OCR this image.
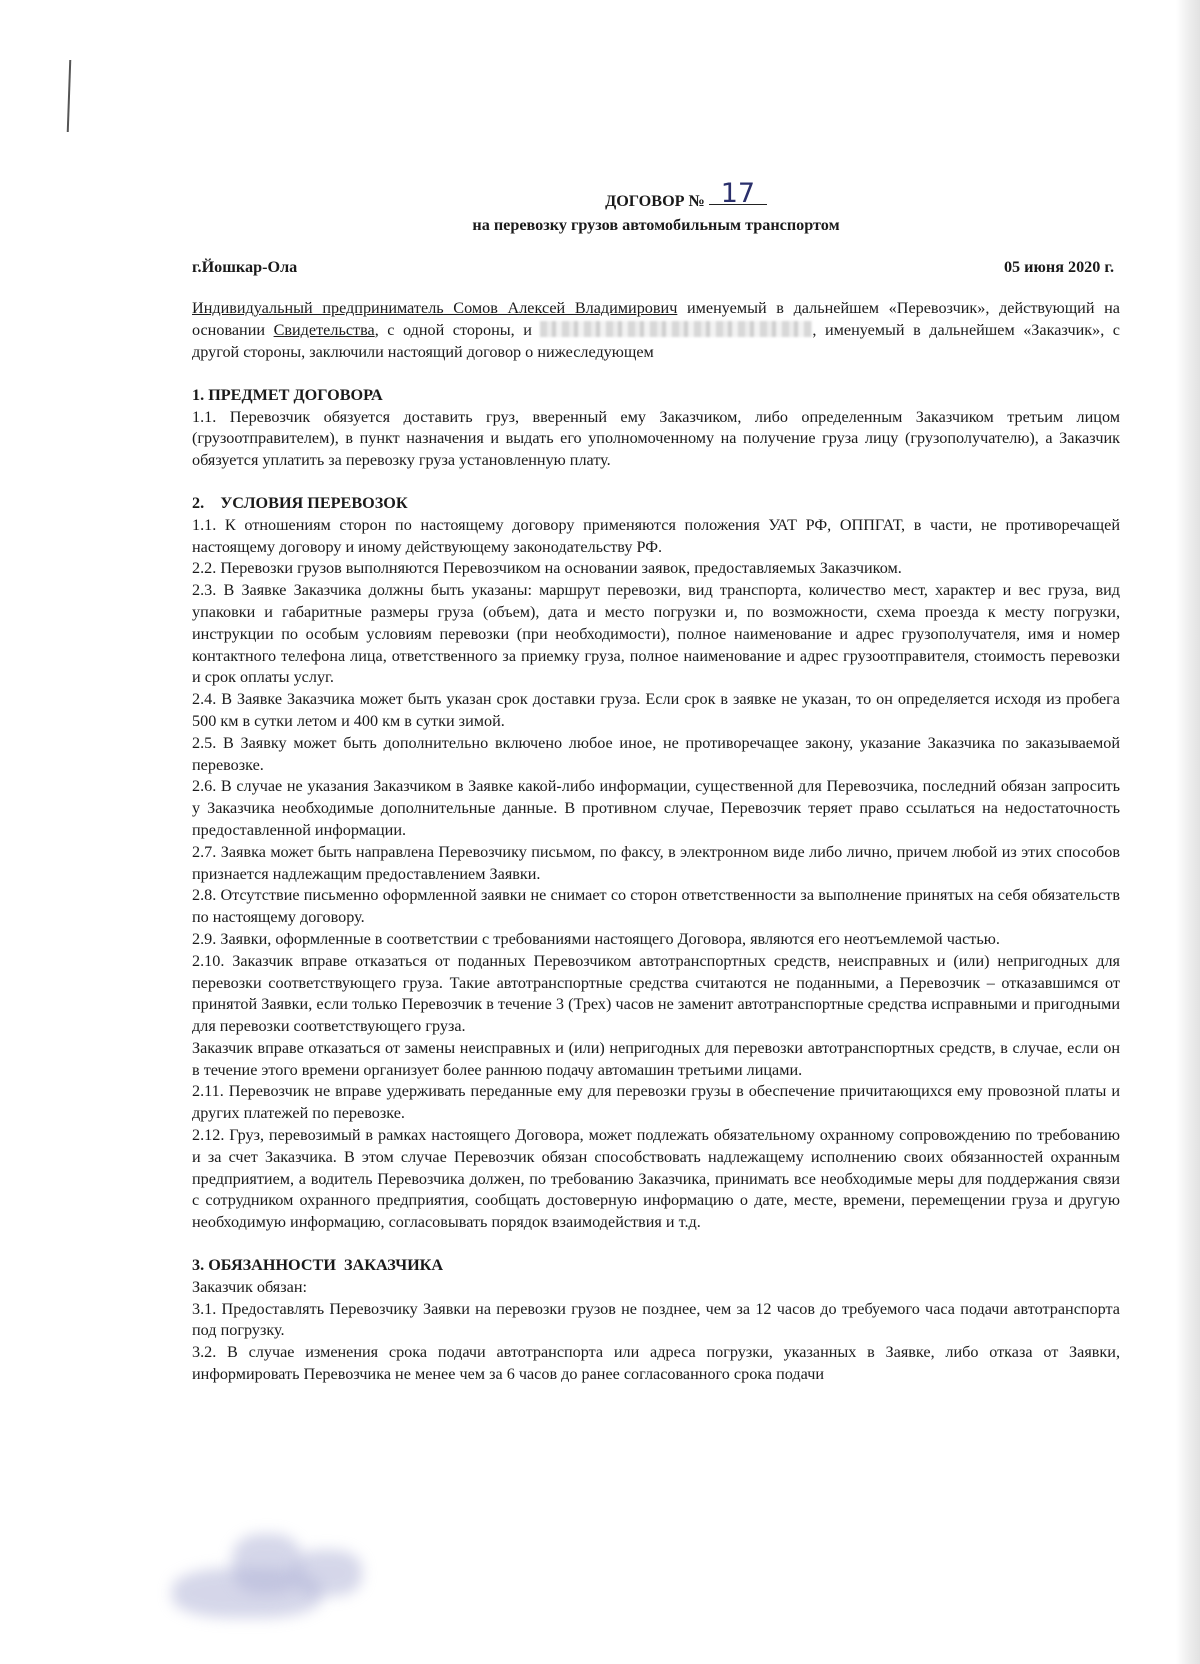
ДОГОВОР № 17
на перевозку грузов автомобильным транспортом
г.Йошкар-Ола	05 июня 2020 г.

Индивидуальный предприниматель Сомов Алексей Владимирович именуемый в дальнейшем «Перевозчик», действующий на основании Свидетельства, с одной стороны, и	, именуемый в дальнейшем «Заказчик», с другой стороны, заключили настоящий договор о нижеследующем

1. ПРЕДМЕТ ДОГОВОРА

1.1. Перевозчик обязуется доставить груз, вверенный ему Заказчиком, либо определенным Заказчиком третьим лицом (грузоотправителем), в пункт назначения и выдать его уполномоченному на получение груза лицу (грузополучателю), а Заказчик обязуется уплатить за перевозку груза установленную плату.

2.    УСЛОВИЯ ПЕРЕВОЗОК

1.1. К отношениям сторон по настоящему договору применяются положения УАТ РФ, ОППГАТ, в части, не противоречащей настоящему договору и иному действующему законодательству РФ.

2.2. Перевозки грузов выполняются Перевозчиком на основании заявок, предоставляемых Заказчиком.

2.3. В Заявке Заказчика должны быть указаны: маршрут перевозки, вид транспорта, количество мест, характер и вес груза, вид упаковки и габаритные размеры груза (объем), дата и место погрузки и, по возможности, схема проезда к месту погрузки, инструкции по особым условиям перевозки (при необходимости), полное наименование и адрес грузополучателя, имя и номер контактного телефона лица, ответственного за приемку груза, полное наименование и адрес грузоотправителя, стоимость перевозки и срок оплаты услуг.

2.4. В Заявке Заказчика может быть указан срок доставки груза. Если срок в заявке не указан, то он определяется исходя из пробега 500 км в сутки летом и 400 км в сутки зимой.

2.5. В Заявку может быть дополнительно включено любое иное, не противоречащее закону, указание Заказчика по заказываемой перевозке.

2.6. В случае не указания Заказчиком в Заявке какой-либо информации, существенной для Перевозчика, последний обязан запросить у Заказчика необходимые дополнительные данные. В противном случае, Перевозчик теряет право ссылаться на недостаточность предоставленной информации.

2.7. Заявка может быть направлена Перевозчику письмом, по факсу, в электронном виде либо лично, причем любой из этих способов признается надлежащим предоставлением Заявки.

2.8. Отсутствие письменно оформленной заявки не снимает со сторон ответственности за выполнение принятых на себя обязательств по настоящему договору.

2.9. Заявки, оформленные в соответствии с требованиями настоящего Договора, являются его неотъемлемой частью.

2.10. Заказчик вправе отказаться от поданных Перевозчиком автотранспортных средств, неисправных и (или) непригодных для перевозки соответствующего груза. Такие автотранспортные средства считаются не поданными, а Перевозчик – отказавшимся от принятой Заявки, если только Перевозчик в течение 3 (Трех) часов не заменит автотранспортные средства исправными и пригодными для перевозки соответствующего груза.

Заказчик вправе отказаться от замены неисправных и (или) непригодных для перевозки автотранспортных средств, в случае, если он в течение этого времени организует более раннюю подачу автомашин третьими лицами.

2.11. Перевозчик не вправе удерживать переданные ему для перевозки грузы в обеспечение причитающихся ему провозной платы и других платежей по перевозке.

2.12. Груз, перевозимый в рамках настоящего Договора, может подлежать обязательному охранному сопровождению по требованию и за счет Заказчика. В этом случае Перевозчик обязан способствовать надлежащему исполнению своих обязанностей охранным предприятием, а водитель Перевозчика должен, по требованию Заказчика, принимать все необходимые меры для поддержания связи с сотрудником охранного предприятия, сообщать достоверную информацию о дате, месте, времени, перемещении груза и другую необходимую информацию, согласовывать порядок взаимодействия и т.д.

3. ОБЯЗАННОСТИ  ЗАКАЗЧИКА

Заказчик обязан:

3.1. Предоставлять Перевозчику Заявки на перевозки грузов не позднее, чем за 12 часов до требуемого часа подачи автотранспорта под погрузку.

3.2. В случае изменения срока подачи автотранспорта или адреса погрузки, указанных в Заявке, либо отказа от Заявки, информировать Перевозчика не менее чем за 6 часов до ранее согласованного срока подачи
